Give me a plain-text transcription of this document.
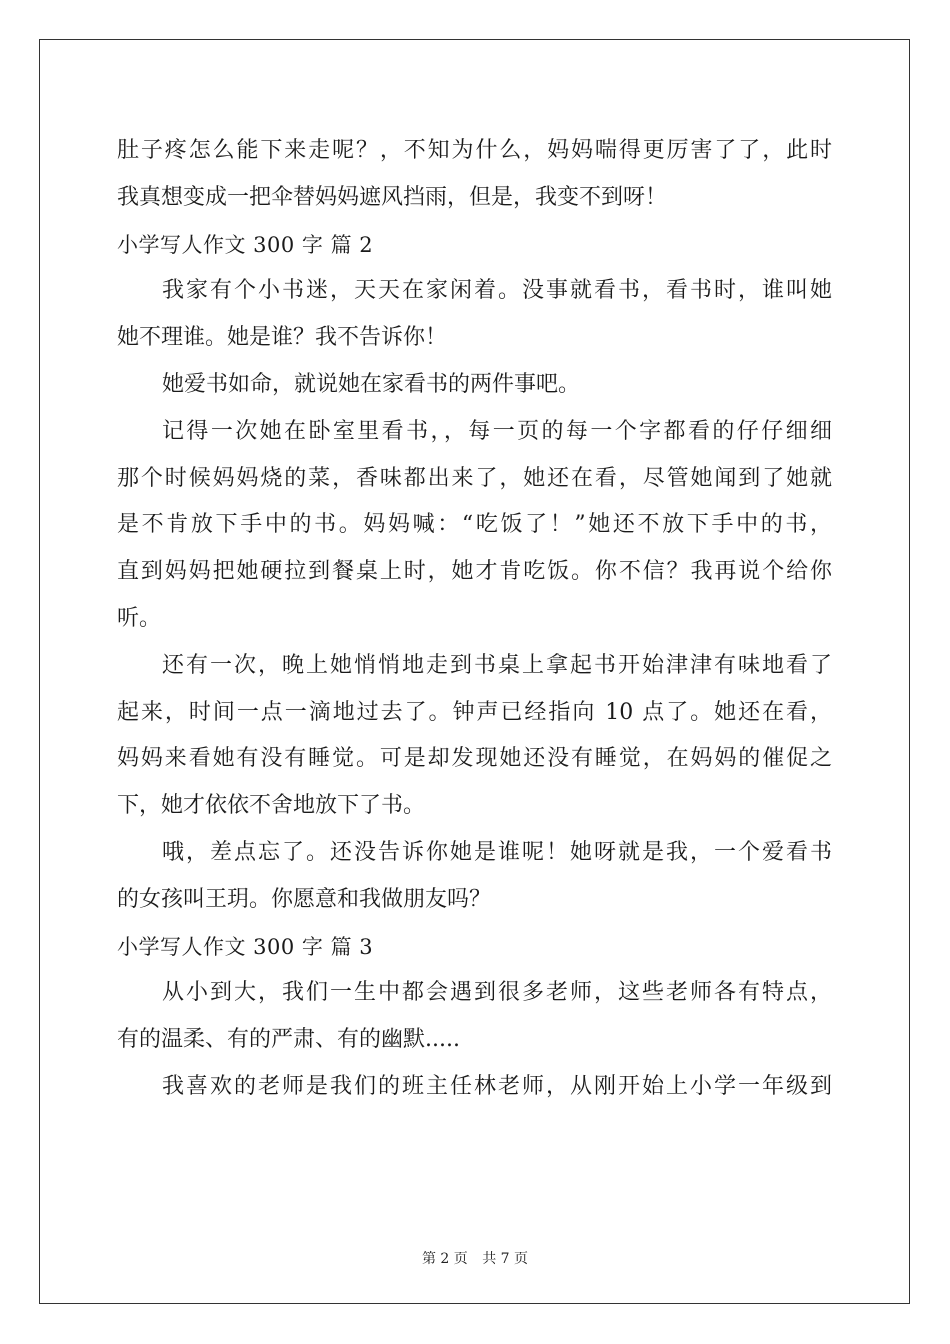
肚子疼怎么能下来走呢？，不知为什么，妈妈喘得更厉害了了，此时
我真想变成一把伞替妈妈遮风挡雨，但是，我变不到呀！
小学写人作文 300 字 篇 2
我家有个小书迷，天天在家闲着。没事就看书，看书时，谁叫她
她不理谁。她是谁？我不告诉你！
她爱书如命，就说她在家看书的两件事吧。
记得一次她在卧室里看书，，每一页的每一个字都看的仔仔细细
那个时候妈妈烧的菜，香味都出来了，她还在看，尽管她闻到了她就
是不肯放下手中的书。妈妈喊：“吃饭了！”她还不放下手中的书，
直到妈妈把她硬拉到餐桌上时，她才肯吃饭。你不信？我再说个给你
听。
还有一次，晚上她悄悄地走到书桌上拿起书开始津津有味地看了
起来，时间一点一滴地过去了。钟声已经指向 10 点了。她还在看，
妈妈来看她有没有睡觉。可是却发现她还没有睡觉，在妈妈的催促之
下，她才依依不舍地放下了书。
哦，差点忘了。还没告诉你她是谁呢！她呀就是我，一个爱看书
的女孩叫王玥。你愿意和我做朋友吗？
小学写人作文 300 字 篇 3
从小到大，我们一生中都会遇到很多老师，这些老师各有特点，
有的温柔、有的严肃、有的幽默.....
我喜欢的老师是我们的班主任林老师，从刚开始上小学一年级到
第 2 页 共 7 页
